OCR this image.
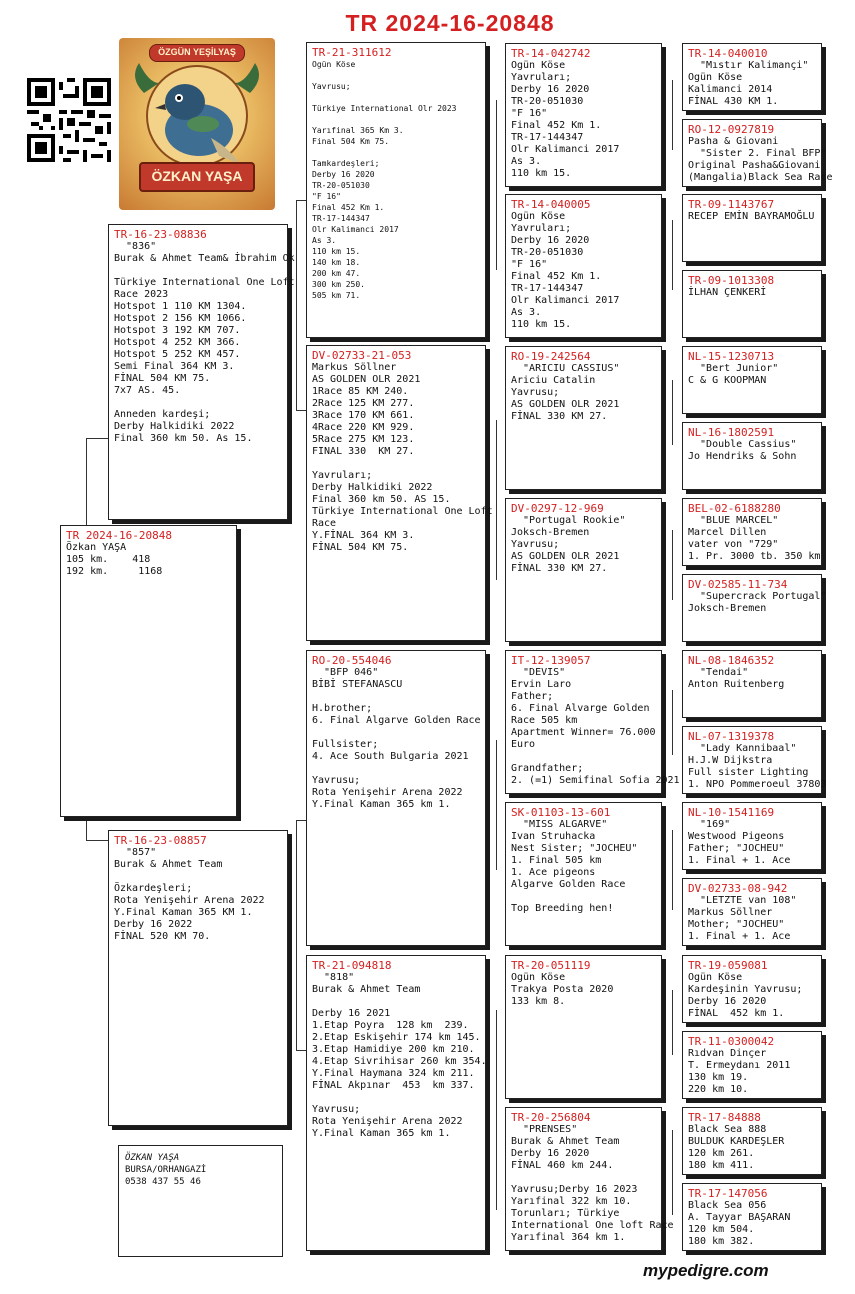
TR 2024-16-20848
ÖZGÜN YEŞİLYAŞ
ÖZKAN YAŞA
TR 2024-16-20848
Özkan YAŞA
105 km.    418
192 km.     1168
TR-16-23-08836
"836"
Burak & Ahmet Team& İbrahim Ok
Türkiye International One Loft
Race 2023
Hotspot 1 110 KM 1304.
Hotspot 2 156 KM 1066.
Hotspot 3 192 KM 707.
Hotspot 4 252 KM 366.
Hotspot 5 252 KM 457.
Semi Final 364 KM 3.
FİNAL 504 KM 75.
7x7 AS. 45.
Anneden kardeşi;
Derby Halkidiki 2022
Final 360 km 50. As 15.
TR-16-23-08857
"857"
Burak & Ahmet Team
Özkardeşleri;
Rota Yenişehir Arena 2022
Y.Final Kaman 365 KM 1.
Derby 16 2022
FİNAL 520 KM 70.
TR-21-311612
Ogün Köse
Yavrusu;
Türkiye International Olr 2023
Yarıfinal 365 Km 3.
Final 504 Km 75.
Tamkardeşleri;
Derby 16 2020
TR-20-051030
"F 16"
Final 452 Km 1.
TR-17-144347
Olr Kalimanci 2017
As 3.
110 km 15.
140 km 18.
200 km 47.
300 km 250.
505 km 71.
DV-02733-21-053
Markus Söllner
AS GOLDEN OLR 2021
1Race 85 KM 240.
2Race 125 KM 277.
3Race 170 KM 661.
4Race 220 KM 929.
5Race 275 KM 123.
FINAL 330  KM 27.
Yavruları;
Derby Halkidiki 2022
Final 360 km 50. AS 15.
Türkiye International One Loft
Race
Y.FİNAL 364 KM 3.
FİNAL 504 KM 75.
RO-20-554046
"BFP 046"
BİBİ STEFANASCU
H.brother;
6. Final Algarve Golden Race
Fullsister;
4. Ace South Bulgaria 2021
Yavrusu;
Rota Yenişehir Arena 2022
Y.Final Kaman 365 km 1.
TR-21-094818
"818"
Burak & Ahmet Team
Derby 16 2021
1.Etap Poyra  128 km  239.
2.Etap Eskişehir 174 km 145.
3.Etap Hamidiye 200 km 210.
4.Etap Sivrihisar 260 km 354.
Y.Final Haymana 324 km 211.
FİNAL Akpınar  453  km 337.
Yavrusu;
Rota Yenişehir Arena 2022
Y.Final Kaman 365 km 1.
TR-14-042742
Ogün Köse
Yavruları;
Derby 16 2020
TR-20-051030
"F 16"
Final 452 Km 1.
TR-17-144347
Olr Kalimanci 2017
As 3.
110 km 15.
TR-14-040005
Ogün Köse
Yavruları;
Derby 16 2020
TR-20-051030
"F 16"
Final 452 Km 1.
TR-17-144347
Olr Kalimanci 2017
As 3.
110 km 15.
RO-19-242564
"ARICIU CASSIUS"
Ariciu Catalin
Yavrusu;
AS GOLDEN OLR 2021
FİNAL 330 KM 27.
DV-0297-12-969
"Portugal Rookie"
Joksch-Bremen
Yavrusu;
AS GOLDEN OLR 2021
FİNAL 330 KM 27.
IT-12-139057
"DEVIS"
Ervin Laro
Father;
6. Final Alvarge Golden
Race 505 km
Apartment Winner= 76.000
Euro
Grandfather;
2. (=1) Semifinal Sofia 2021
SK-01103-13-601
"MISS ALGARVE"
Ivan Struhacka
Nest Sister; "JOCHEU"
1. Final 505 km
1. Ace pigeons
Algarve Golden Race
Top Breeding hen!
TR-20-051119
Ogün Köse
Trakya Posta 2020
133 km 8.
TR-20-256804
"PRENSES"
Burak & Ahmet Team
Derby 16 2020
FİNAL 460 km 244.
Yavrusu;Derby 16 2023
Yarıfinal 322 km 10.
Torunları; Türkiye
International One loft Race
Yarıfinal 364 km 1.
TR-14-040010
"Mıstır Kalimançi"
Ogün Köse
Kalimanci 2014
FİNAL 430 KM 1.
RO-12-0927819
Pasha & Giovani
"Sister 2. Final BFP"
Original Pasha&Giovani
(Mangalia)Black Sea Race
TR-09-1143767
RECEP EMİN BAYRAMOĞLU
TR-09-1013308
İLHAN ÇENKERİ
NL-15-1230713
"Bert Junior"
C & G KOOPMAN
NL-16-1802591
"Double Cassius"
Jo Hendriks & Sohn
BEL-02-6188280
"BLUE MARCEL"
Marcel Dillen
vater von "729"
1. Pr. 3000 tb. 350 km
DV-02585-11-734
"Supercrack Portugal"
Joksch-Bremen
NL-08-1846352
"Tendai"
Anton Ruitenberg
NL-07-1319378
"Lady Kannibaal"
H.J.W Dijkstra
Full sister Lighting
1. NPO Pommeroeul 37803
NL-10-1541169
"169"
Westwood Pigeons
Father; "JOCHEU"
1. Final + 1. Ace
DV-02733-08-942
"LETZTE van 108"
Markus Söllner
Mother; "JOCHEU"
1. Final + 1. Ace
TR-19-059081
Ogün Köse
Kardeşinin Yavrusu;
Derby 16 2020
FİNAL  452 km 1.
TR-11-0300042
Rıdvan Dinçer
T. Ermeydanı 2011
130 km 19.
220 km 10.
TR-17-84888
Black Sea 888
BULDUK KARDEŞLER
120 km 261.
180 km 411.
TR-17-147056
Black Sea 056
A. Tayyar BAŞARAN
120 km 504.
180 km 382.
ÖZKAN YAŞA
BURSA/ORHANGAZİ
0538 437 55 46
mypedigre.com
